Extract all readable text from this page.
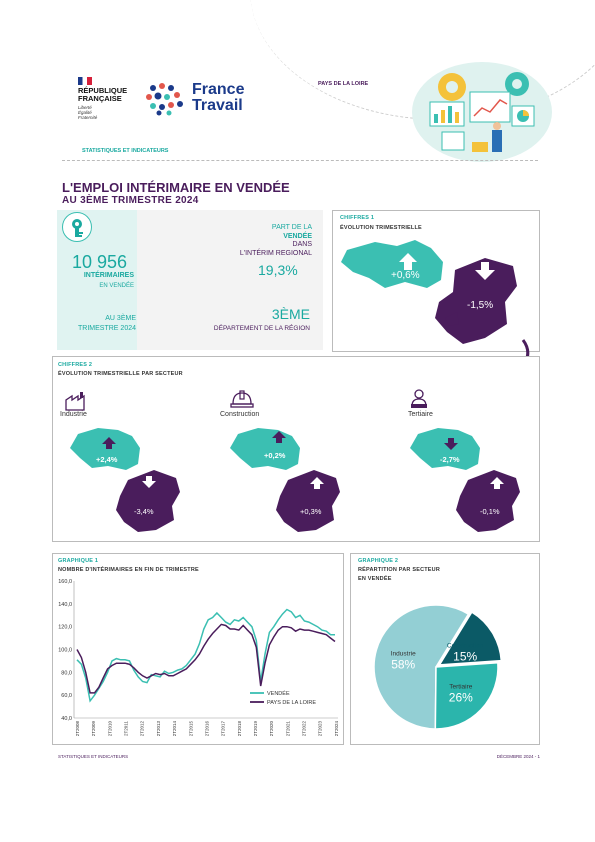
RÉPUBLIQUE
FRANÇAISE
Liberté
Égalité
Fraternité
France
Travail
PAYS DE LA LOIRE
STATISTIQUES ET INDICATEURS
L'EMPLOI INTÉRIMAIRE EN VENDÉE
AU 3ÈME TRIMESTRE 2024
10 956
INTÉRIMAIRES
EN VENDÉE
AU 3ÈME
TRIMESTRE 2024
PART DE LA
VENDÉE
DANS
L'INTÉRIM REGIONAL
19,3%
3ÈME
DÉPARTEMENT DE LA RÉGION
CHIFFRES 1
ÉVOLUTION TRIMESTRIELLE
+0,6%
-1,5%
CHIFFRES 2
ÉVOLUTION TRIMESTRIELLE PAR SECTEUR
Industrie
+2,4%
-3,4%
Construction
+0,2%
+0,3%
Tertiaire
-2,7%
-0,1%
GRAPHIQUE 1
NOMBRE D'INTÉRIMAIRES EN FIN DE TRIMESTRE
40,0
60,0
80,0
100,0
120,0
140,0
160,0
2T2008 2T2009 2T2010 2T2011 2T2012 2T2013 2T2014 2T2015 2T2016 2T2017 2T2018 2T2019 2T2020 2T2021 2T2022 2T2023 2T2024
VENDÉE
PAYS DE LA LOIRE
GRAPHIQUE 2
RÉPARTITION PAR SECTEUR
EN VENDÉE
Industrie
58%
Construction
15%
Tertiaire
26%
STATISTIQUES ET INDICATEURS	DÉCEMBRE 2024 - 1
